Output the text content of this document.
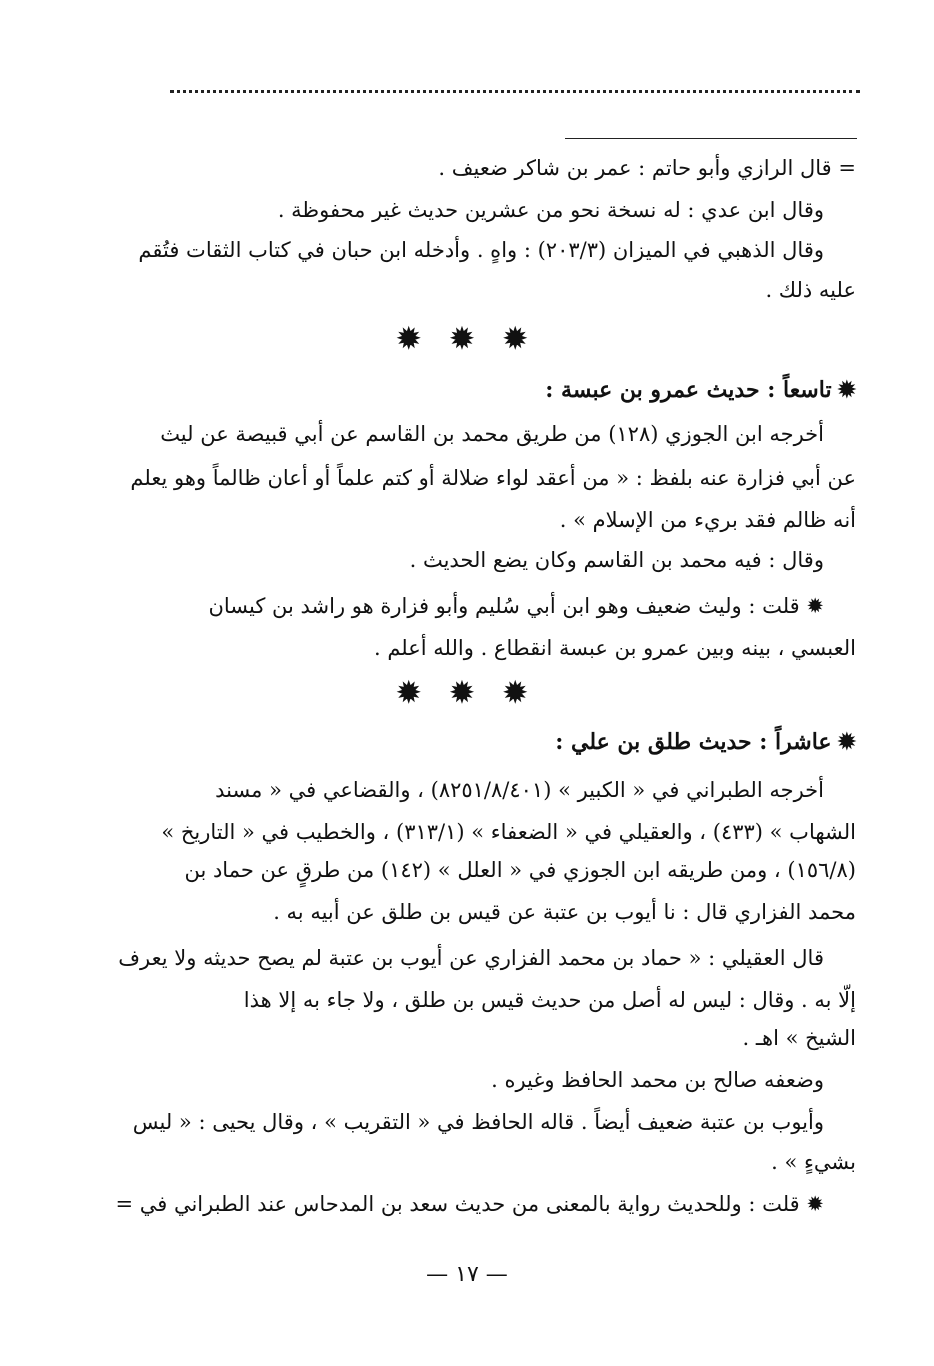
= قال الرازي وأبو حاتم : عمر بن شاكر ضعيف .
وقال ابن عدي : له نسخة نحو من عشرين حديث غير محفوظة .
وقال الذهبي في الميزان (٢٠٣/٣) : واهٍ . وأدخله ابن حبان في كتاب الثقات فتُقم
عليه ذلك .
✹ ✹ ✹
✹تاسعاً : حديث عمرو بن عبسة :
أخرجه ابن الجوزي (١٢٨) من طريق محمد بن القاسم عن أبي قبيصة عن ليث
عن أبي فزارة عنه بلفظ : « من أعقد لواء ضلالة أو كتم علماً أو أعان ظالماً وهو يعلم
أنه ظالم فقد بريء من الإسلام » .
وقال : فيه محمد بن القاسم وكان يضع الحديث .
✹ قلت : وليث ضعيف وهو ابن أبي سُليم وأبو فزارة هو راشد بن كيسان
العبسي ، بينه وبين عمرو بن عبسة انقطاع . والله أعلم .
✹ ✹ ✹
✹عاشراً : حديث طلق بن علي :
أخرجه الطبراني في « الكبير » (٨٢٥١/٨/٤٠١) ، والقضاعي في « مسند
الشهاب » (٤٣٣) ، والعقيلي في « الضعفاء » (٣١٣/١) ، والخطيب في « التاريخ »
(١٥٦/٨) ، ومن طريقه ابن الجوزي في « العلل » (١٤٢) من طرقٍ عن حماد بن
محمد الفزاري قال : نا أيوب بن عتبة عن قيس بن طلق عن أبيه به .
قال العقيلي : « حماد بن محمد الفزاري عن أيوب بن عتبة لم يصح حديثه ولا يعرف
إلّا به . وقال : ليس له أصل من حديث قيس بن طلق ، ولا جاء به إلا هذا
الشيخ » اهـ .
وضعفه صالح بن محمد الحافظ وغيره .
وأيوب بن عتبة ضعيف أيضاً . قاله الحافظ في « التقريب » ، وقال يحيى : « ليس
بشيءٍ » .
✹ قلت : وللحديث رواية بالمعنى من حديث سعد بن المدحاس عند الطبراني في =
— ١٧ —
